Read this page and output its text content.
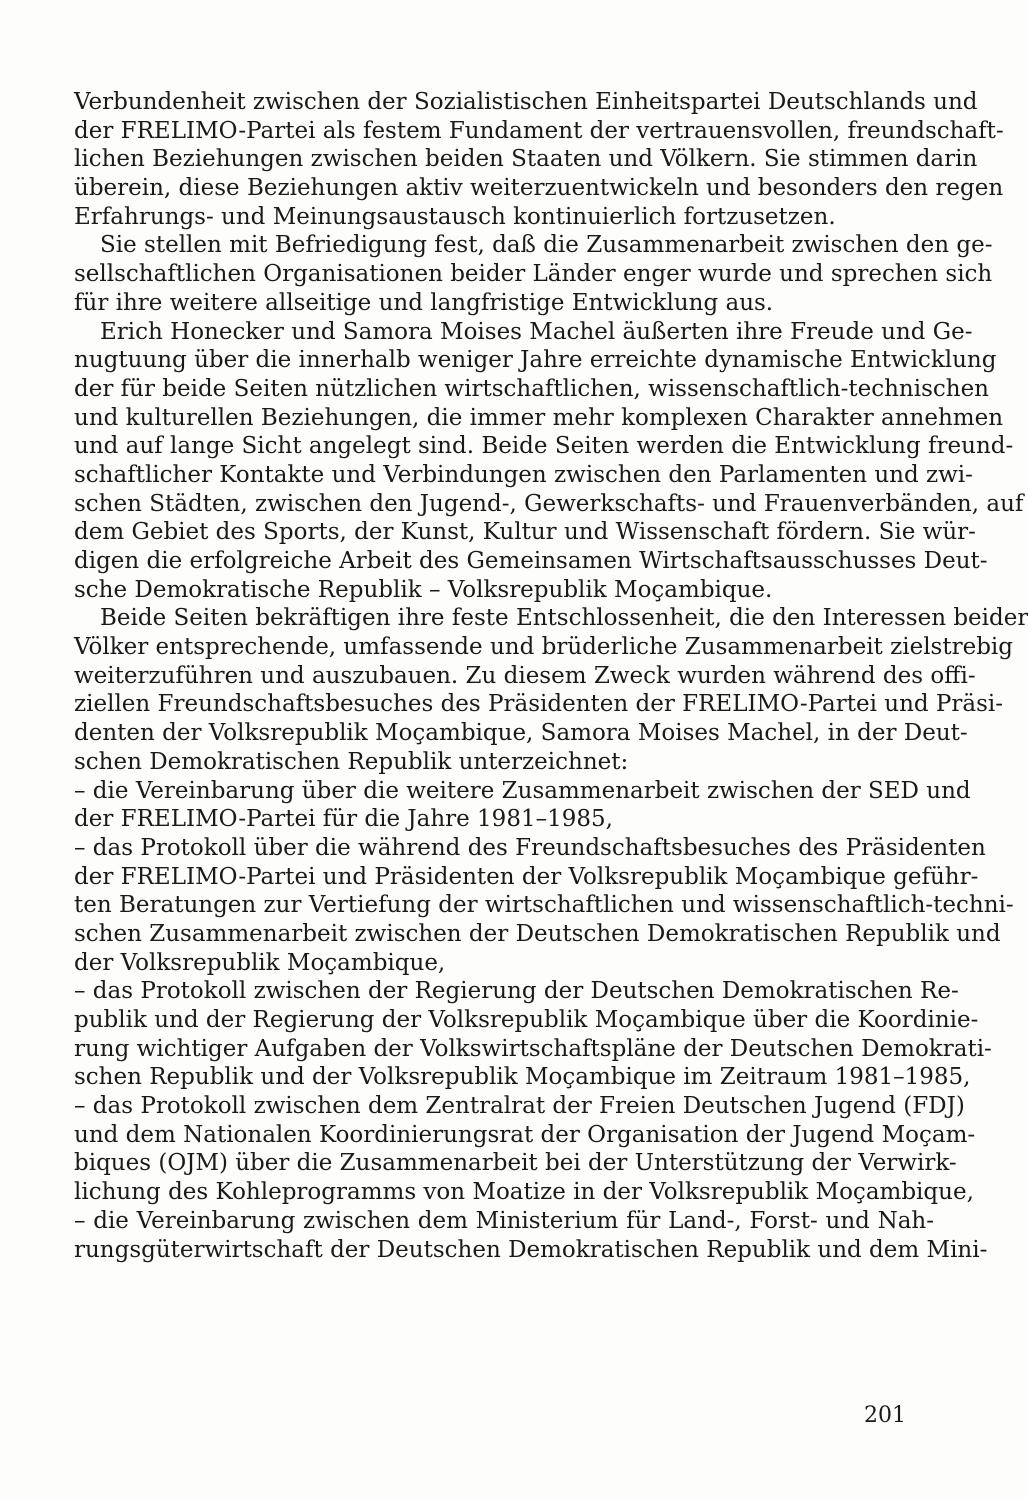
Verbundenheit zwischen der Sozialistischen Einheitspartei Deutschlands und
der FRELIMO-Partei als festem Fundament der vertrauensvollen, freundschaft-
lichen Beziehungen zwischen beiden Staaten und Völkern. Sie stimmen darin
überein, diese Beziehungen aktiv weiterzuentwickeln und besonders den regen
Erfahrungs- und Meinungsaustausch kontinuierlich fortzusetzen.
Sie stellen mit Befriedigung fest, daß die Zusammenarbeit zwischen den ge-
sellschaftlichen Organisationen beider Länder enger wurde und sprechen sich
für ihre weitere allseitige und langfristige Entwicklung aus.
Erich Honecker und Samora Moises Machel äußerten ihre Freude und Ge-
nugtuung über die innerhalb weniger Jahre erreichte dynamische Entwicklung
der für beide Seiten nützlichen wirtschaftlichen, wissenschaftlich-technischen
und kulturellen Beziehungen, die immer mehr komplexen Charakter annehmen
und auf lange Sicht angelegt sind. Beide Seiten werden die Entwicklung freund-
schaftlicher Kontakte und Verbindungen zwischen den Parlamenten und zwi-
schen Städten, zwischen den Jugend-, Gewerkschafts- und Frauenverbänden, auf
dem Gebiet des Sports, der Kunst, Kultur und Wissenschaft fördern. Sie wür-
digen die erfolgreiche Arbeit des Gemeinsamen Wirtschaftsausschusses Deut-
sche Demokratische Republik – Volksrepublik Moçambique.
Beide Seiten bekräftigen ihre feste Entschlossenheit, die den Interessen beider
Völker entsprechende, umfassende und brüderliche Zusammenarbeit zielstrebig
weiterzuführen und auszubauen. Zu diesem Zweck wurden während des offi-
ziellen Freundschaftsbesuches des Präsidenten der FRELIMO-Partei und Präsi-
denten der Volksrepublik Moçambique, Samora Moises Machel, in der Deut-
schen Demokratischen Republik unterzeichnet:
– die Vereinbarung über die weitere Zusammenarbeit zwischen der SED und
der FRELIMO-Partei für die Jahre 1981–1985,
– das Protokoll über die während des Freundschaftsbesuches des Präsidenten
der FRELIMO-Partei und Präsidenten der Volksrepublik Moçambique geführ-
ten Beratungen zur Vertiefung der wirtschaftlichen und wissenschaftlich-techni-
schen Zusammenarbeit zwischen der Deutschen Demokratischen Republik und
der Volksrepublik Moçambique,
– das Protokoll zwischen der Regierung der Deutschen Demokratischen Re-
publik und der Regierung der Volksrepublik Moçambique über die Koordinie-
rung wichtiger Aufgaben der Volkswirtschaftspläne der Deutschen Demokrati-
schen Republik und der Volksrepublik Moçambique im Zeitraum 1981–1985,
– das Protokoll zwischen dem Zentralrat der Freien Deutschen Jugend (FDJ)
und dem Nationalen Koordinierungsrat der Organisation der Jugend Moçam-
biques (OJM) über die Zusammenarbeit bei der Unterstützung der Verwirk-
lichung des Kohleprogramms von Moatize in der Volksrepublik Moçambique,
– die Vereinbarung zwischen dem Ministerium für Land-, Forst- und Nah-
rungsgüterwirtschaft der Deutschen Demokratischen Republik und dem Mini-
201
